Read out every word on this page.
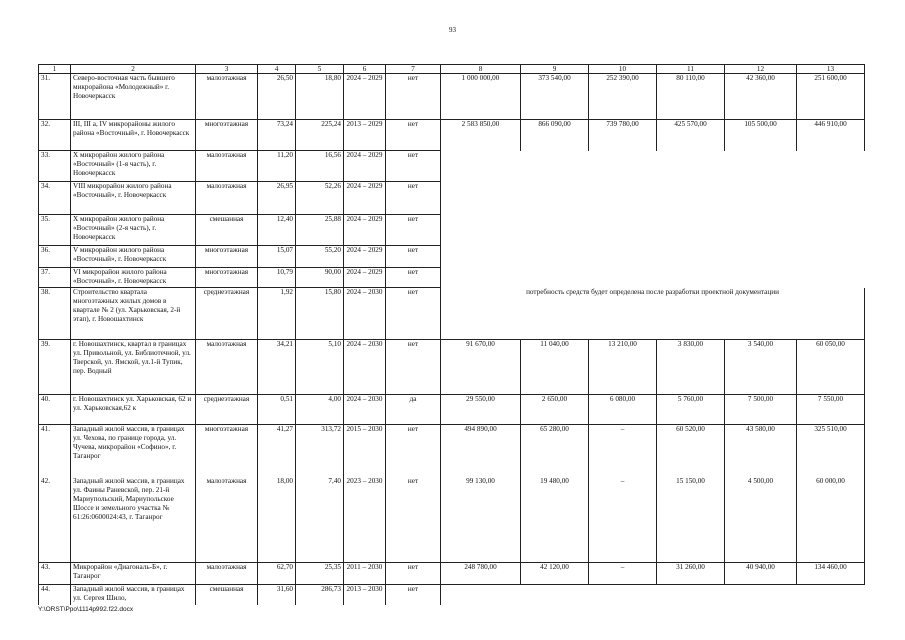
93
1	2	3	4	5	6	7	8	9	10	11	12	13
31.	Северо-восточная часть бывшего микрорайона «Молодежный» г. Новочеркасск	малоэтажная	26,50	18,80	2024 – 2029	нет	1 000 000,00	373 540,00	252 390,00	80 110,00	42 360,00	251 600,00
32.	III, III а, IV микрорайоны жилого района «Восточный», г. Новочеркасск	многоэтажная	73,24	225,24	2013 – 2029	нет	2 583 850,00	866 090,00	739 780,00	425 570,00	105 500,00	446 910,00
33.	X микрорайон жилого района «Восточный» (1-я часть), г. Новочеркасск	малоэтажная	11,20	16,56	2024 – 2029	нет						
34.	VIII микрорайон жилого района «Восточный», г. Новочеркасск	малоэтажная	26,95	52,26	2024 – 2029	нет						
35.	X микрорайон жилого района «Восточный» (2-я часть), г. Новочеркасск	смешанная	12,40	25,88	2024 – 2029	нет						
36.	V микрорайон жилого района «Восточный», г. Новочеркасск	многоэтажная	15,07	55,20	2024 – 2029	нет						
37.	VI микрорайон жилого района «Восточный», г. Новочеркасск	многоэтажная	10,79	90,00	2024 – 2029	нет						
38.	Строительство квартала многоэтажных жилых домов в квартале № 2 (ул. Харьковская, 2-й этап), г. Новошахтинск	среднеэтажная	1,92	15,80	2024 – 2030	нет	потребность средств будет определена после разработки проектной документации					
39.	г. Новошахтинск, квартал в границах ул. Привольной, ул. Библиотечной, ул. Тверской, ул. Ямской, ул.1-й Тупик, пер. Водный	малоэтажная	34,21	5,10	2024 – 2030	нет	91 670,00	11 040,00	13 210,00	3 830,00	3 540,00	60 050,00
40.	г. Новошахтинск ул. Харьковская, 62 и ул. Харьковская,62 к	среднеэтажная	0,51	4,00	2024 – 2030	да	29 550,00	2 650,00	6 080,00	5 760,00	7 500,00	7 550,00
41.	Западный жилой массив, в границах ул. Чехова, по границе города, ул. Чучева, микрорайон «Софино», г. Таганрог	многоэтажная	41,27	313,72	2015 – 2030	нет	494 890,00	65 280,00	–	60 520,00	43 580,00	325 510,00
42.	Западный жилой массив, в границах ул. Фаины Раневской, пер. 21-й Мариупольский, Мариупольское Шоссе и земельного участка № 61:26:0600024:43, г. Таганрог	малоэтажная	18,00	7,40	2023 – 2030	нет	99 130,00	19 480,00	–	15 150,00	4 500,00	60 000,00
43.	Микрорайон «Диагональ-Б», г. Таганрог	малоэтажная	62,70	25,35	2011 – 2030	нет	248 780,00	42 120,00	–	31 260,00	40 940,00	134 460,00
44.	Западный жилой массив, в границах ул. Сергея Шило,	смешанная	31,60	286,73	2013 – 2030	нет						
Y:\ORST\Ppo\1114p992.f22.docx
